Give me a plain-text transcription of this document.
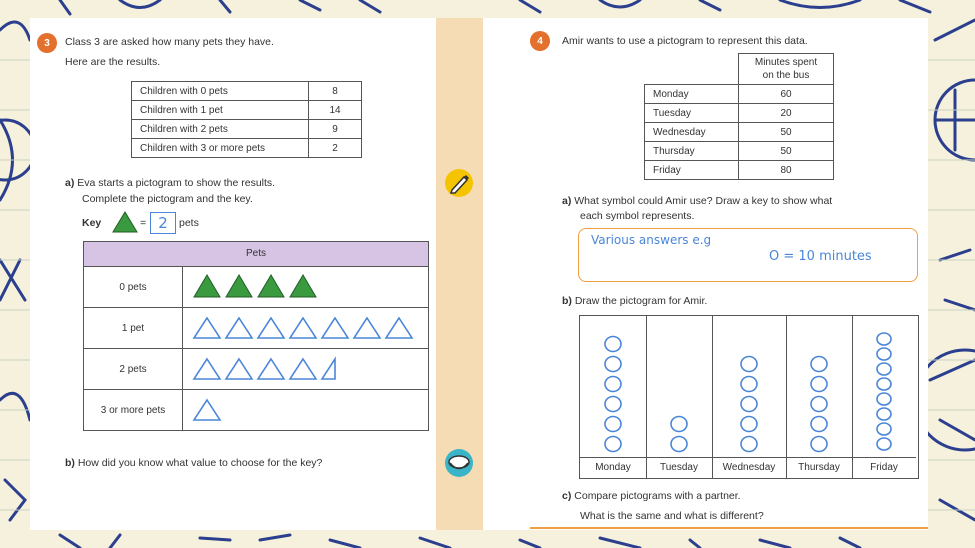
3	Class 3 are asked how many pets they have.
Here are the results.
Children with 0 pets	8
Children with 1 pet	14
Children with 2 pets	9
Children with 3 or more pets	2
a) Eva starts a pictogram to show the results.
Complete the pictogram and the key.
Key	= 2	pets
Pets
0 pets
1 pet
2 pets
3 or more pets
b) How did you know what value to choose for the key?
4	Amir wants to use a pictogram to represent this data.

	Minutes spent
on the bus

Monday	60
Tuesday	20
Wednesday	50
Thursday	50
Friday	80
a) What symbol could Amir use? Draw a key to show what
each symbol represents.
Various answers e.g
O = 10 minutes
b) Draw the pictogram for Amir.
Monday	Tuesday	Wednesday	Thursday	Friday
c) Compare pictograms with a partner.
What is the same and what is different?
